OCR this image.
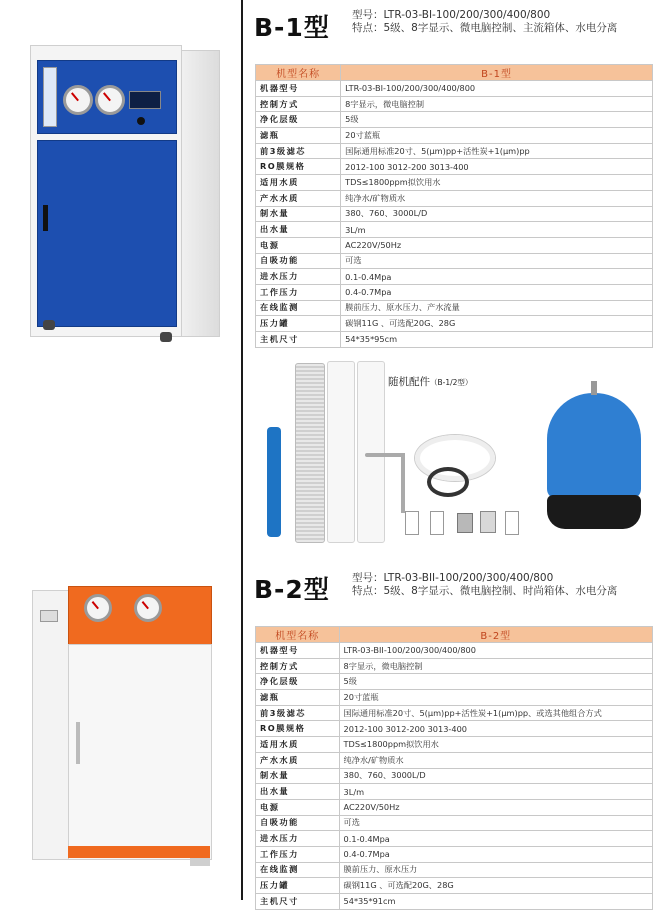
B-1型 型号：LTR-03-BI-100/200/300/400/800
特点：5级、8字显示、微电脑控制、主流箱体、水电分离
机型名称	B-1型
机器型号	LTR-03-BI-100/200/300/400/800
控制方式	8字显示，微电脑控制
净化层级	5级
滤瓶	20寸蓝瓶
前3级滤芯	国际通用标准20寸、5(μm)pp+活性炭+1(μm)pp
RO膜规格	2012-100 3012-200 3013-400
适用水质	TDS≤1800ppm拟饮用水
产水水质	纯净水/矿物质水
制水量	380、760、3000L/D
出水量	3L/m
电源	AC220V/50Hz
自吸功能	可选
进水压力	0.1-0.4Mpa
工作压力	0.4-0.7Mpa
在线监测	膜前压力、原水压力、产水流量
压力罐	碳钢11G 、可选配20G、28G
主机尺寸	54*35*95cm
随机配件（B-1/2型）
B-2型 型号：LTR-03-BII-100/200/300/400/800
特点：5级、8字显示、微电脑控制、时尚箱体、水电分离
机型名称	B-2型
机器型号	LTR-03-BII-100/200/300/400/800
控制方式	8字显示，微电脑控制
净化层级	5级
滤瓶	20寸蓝瓶
前3级滤芯	国际通用标准20寸、5(μm)pp+活性炭+1(μm)pp、或选其他组合方式
RO膜规格	2012-100 3012-200 3013-400
适用水质	TDS≤1800ppm拟饮用水
产水水质	纯净水/矿物质水
制水量	380、760、3000L/D
出水量	3L/m
电源	AC220V/50Hz
自吸功能	可选
进水压力	0.1-0.4Mpa
工作压力	0.4-0.7Mpa
在线监测	膜前压力、原水压力
压力罐	碳钢11G 、可选配20G、28G
主机尺寸	54*35*91cm
